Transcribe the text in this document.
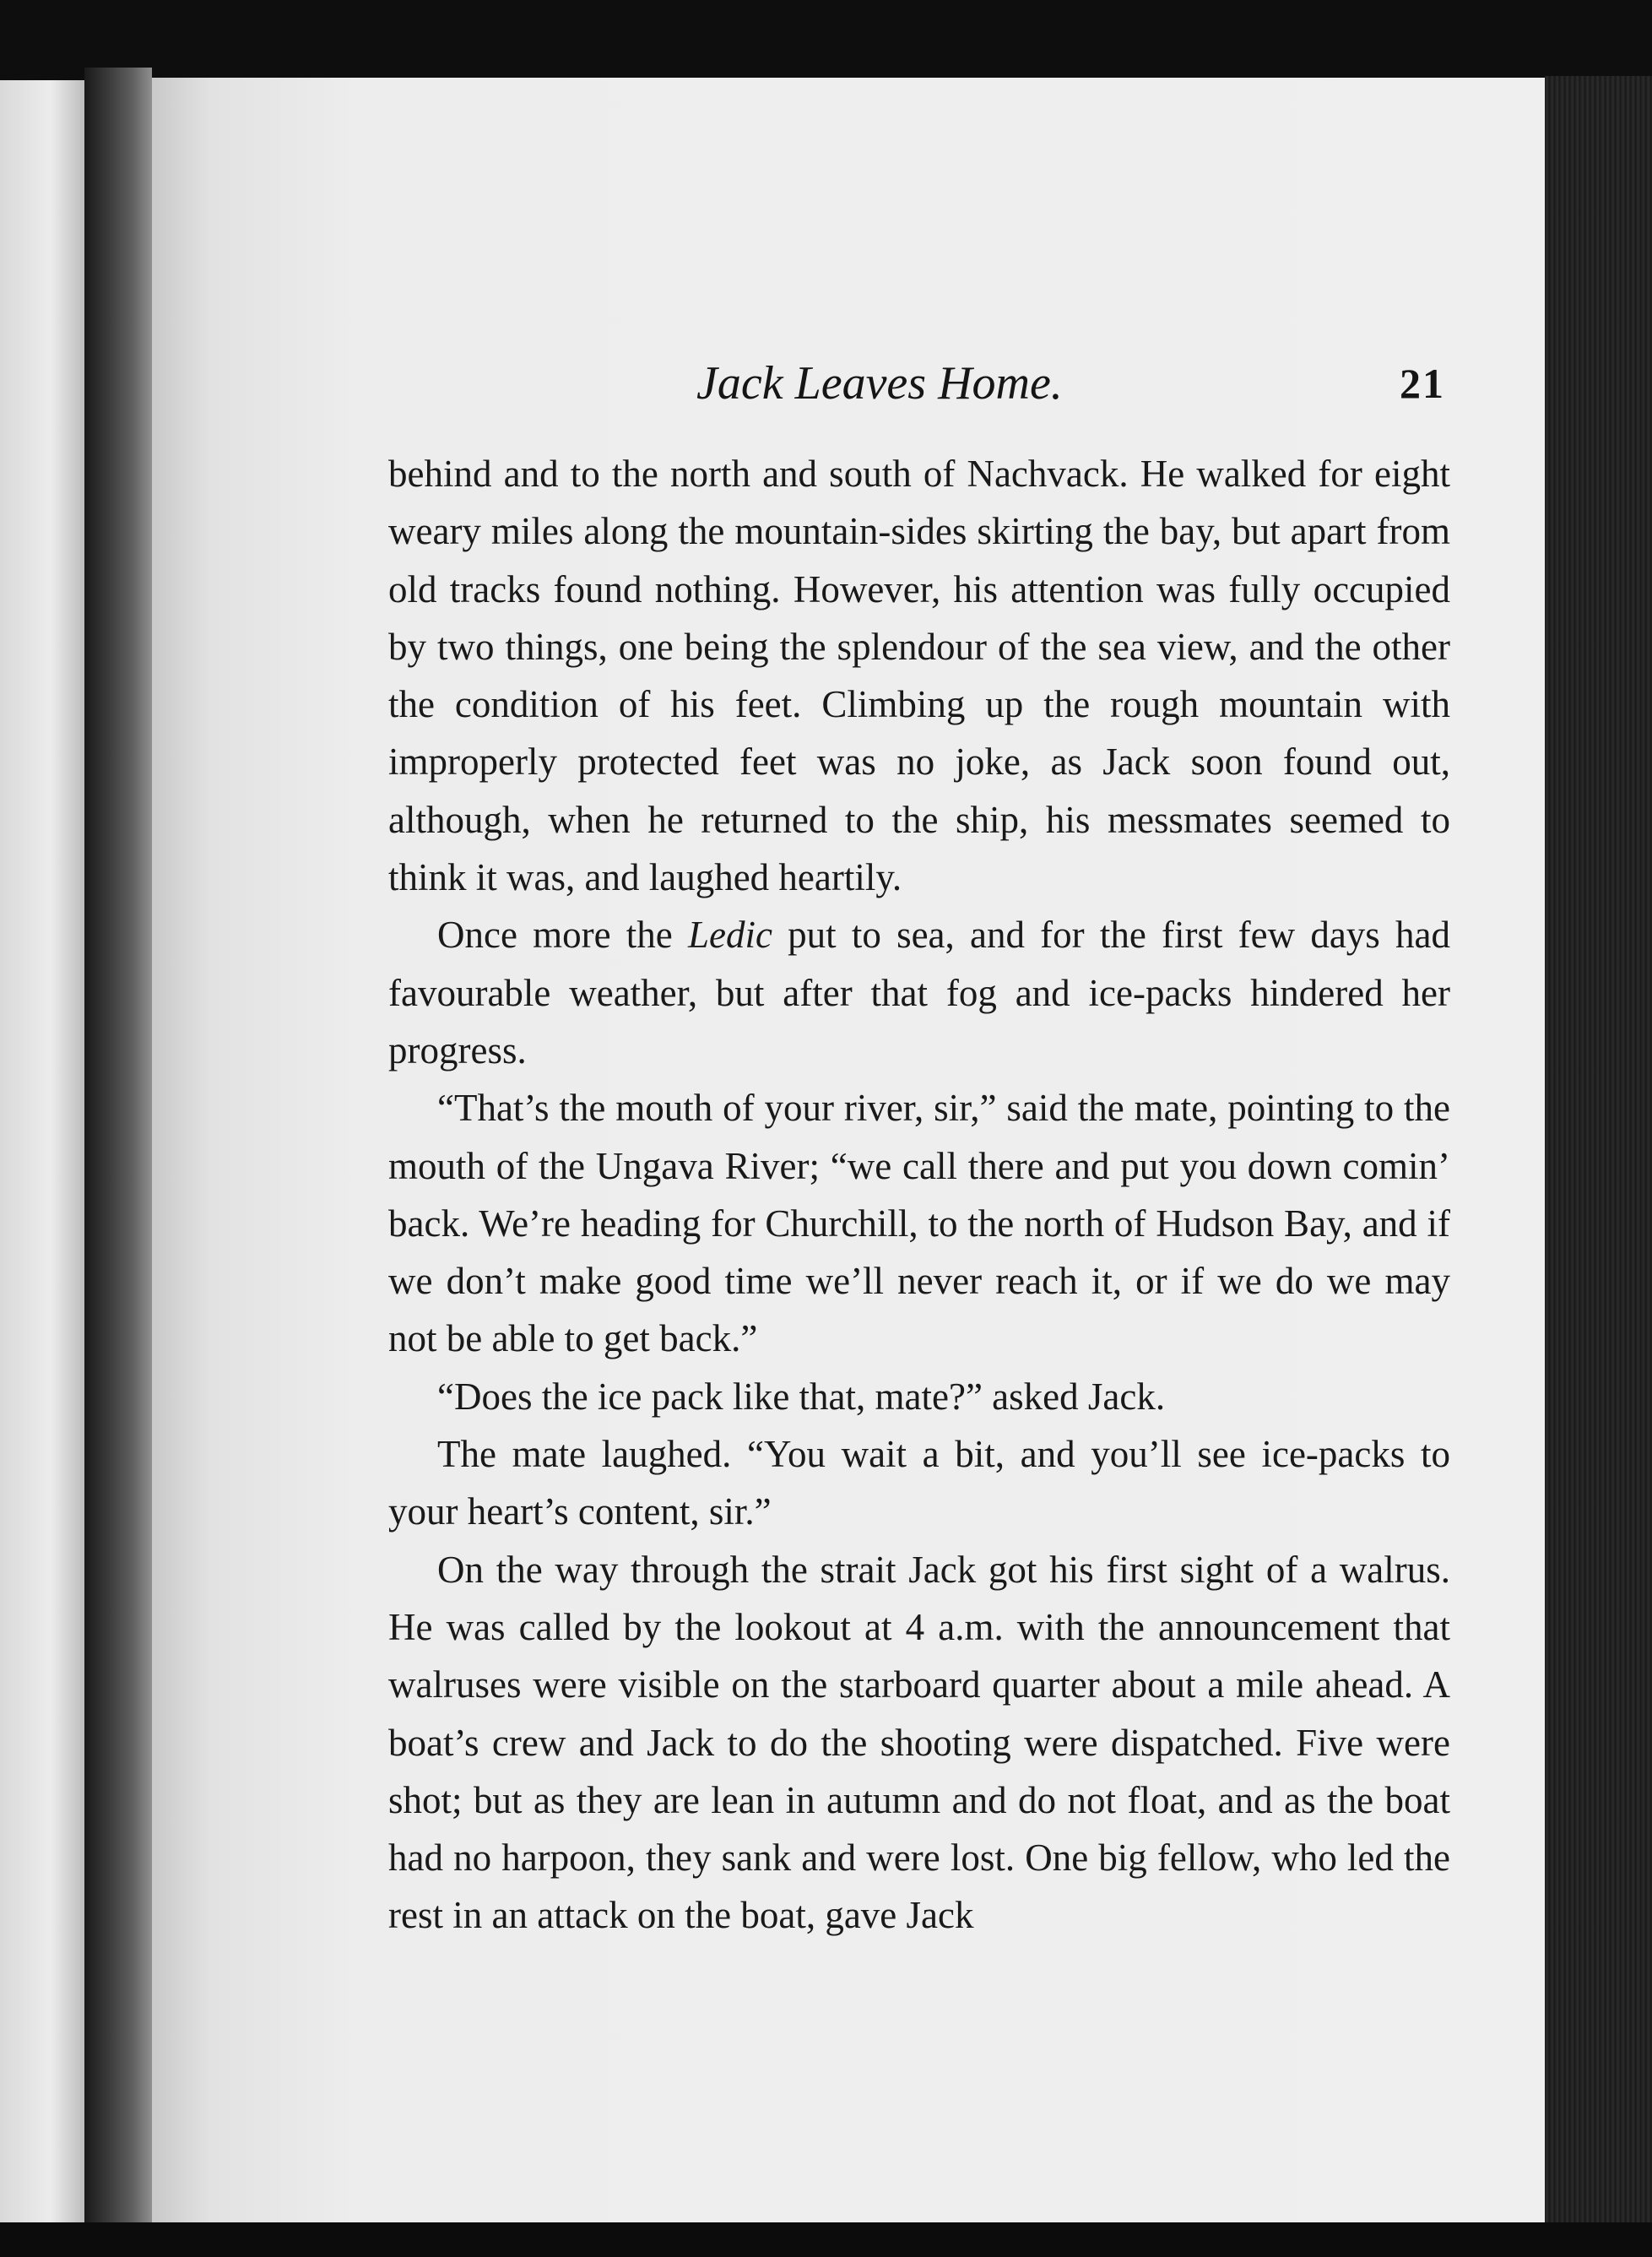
Jack Leaves Home.	21

behind and to the north and south of Nachvack. He walked for eight weary miles along the mountain-sides skirting the bay, but apart from old tracks found nothing. However, his attention was fully occupied by two things, one being the splendour of the sea view, and the other the condition of his feet. Climbing up the rough mountain with improperly protected feet was no joke, as Jack soon found out, although, when he returned to the ship, his messmates seemed to think it was, and laughed heartily.

Once more the Ledic put to sea, and for the first few days had favourable weather, but after that fog and ice-packs hindered her progress.

“That’s the mouth of your river, sir,” said the mate, pointing to the mouth of the Ungava River; “we call there and put you down comin’ back. We’re heading for Churchill, to the north of Hudson Bay, and if we don’t make good time we’ll never reach it, or if we do we may not be able to get back.”

“Does the ice pack like that, mate?” asked Jack.

The mate laughed. “You wait a bit, and you’ll see ice-packs to your heart’s content, sir.”

On the way through the strait Jack got his first sight of a walrus. He was called by the lookout at 4 a.m. with the announcement that walruses were visible on the starboard quarter about a mile ahead. A boat’s crew and Jack to do the shooting were dispatched. Five were shot; but as they are lean in autumn and do not float, and as the boat had no harpoon, they sank and were lost. One big fellow, who led the rest in an attack on the boat, gave Jack
